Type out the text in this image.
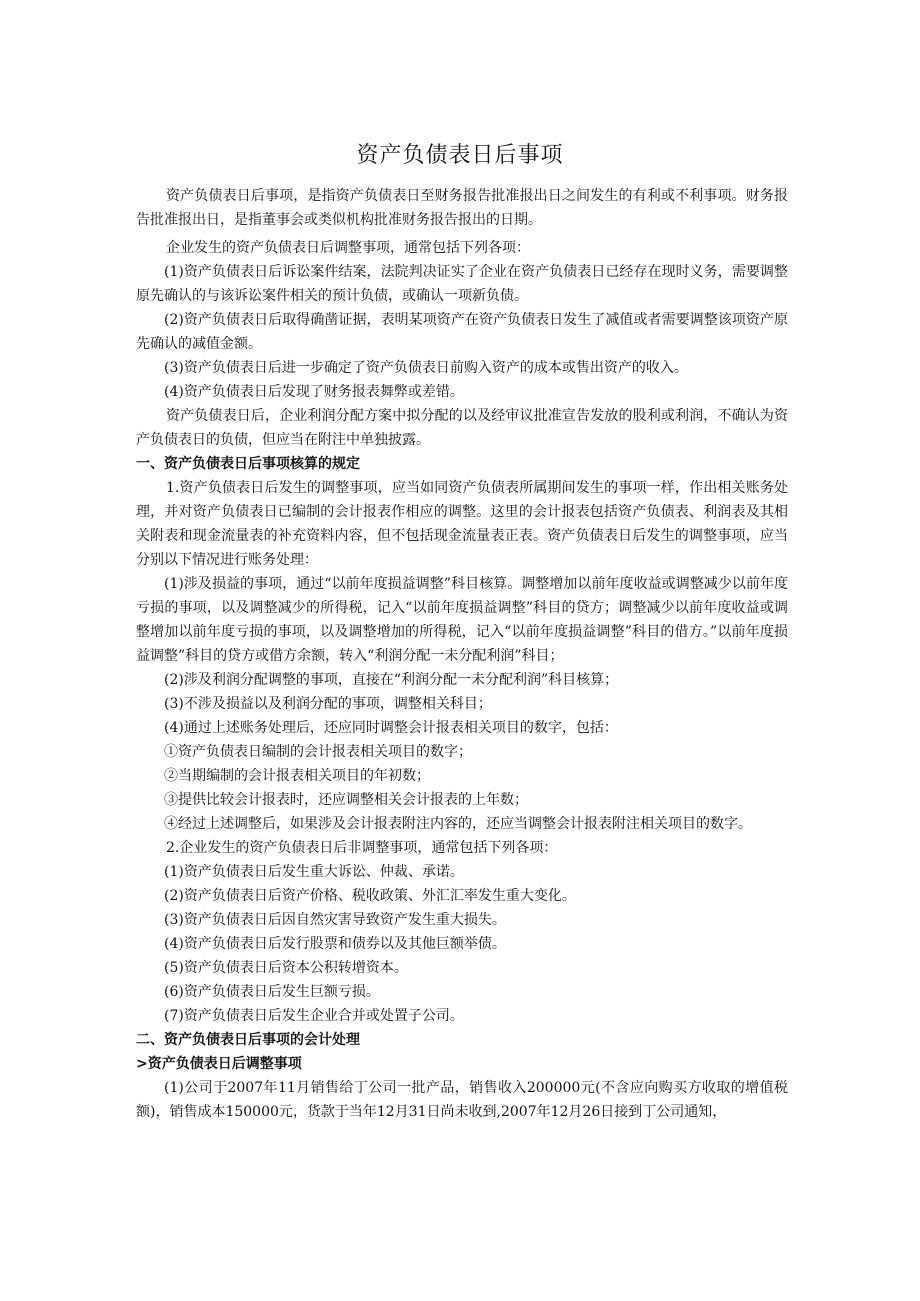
资产负债表日后事项

资产负债表日后事项，是指资产负债表日至财务报告批准报出日之间发生的有利或不利事项。财务报告批准报出日，是指董事会或类似机构批准财务报告报出的日期。

企业发生的资产负债表日后调整事项，通常包括下列各项：

(1)资产负债表日后诉讼案件结案，法院判决证实了企业在资产负债表日已经存在现时义务，需要调整原先确认的与该诉讼案件相关的预计负债，或确认一项新负债。

(2)资产负债表日后取得确凿证据，表明某项资产在资产负债表日发生了减值或者需要调整该项资产原先确认的减值金额。

(3)资产负债表日后进一步确定了资产负债表日前购入资产的成本或售出资产的收入。

(4)资产负债表日后发现了财务报表舞弊或差错。

资产负债表日后，企业利润分配方案中拟分配的以及经审议批准宣告发放的股利或利润，不确认为资产负债表日的负债，但应当在附注中单独披露。

一、资产负债表日后事项核算的规定

1.资产负债表日后发生的调整事项，应当如同资产负债表所属期间发生的事项一样，作出相关账务处理，并对资产负债表日已编制的会计报表作相应的调整。这里的会计报表包括资产负债表、利润表及其相关附表和现金流量表的补充资料内容，但不包括现金流量表正表。资产负债表日后发生的调整事项，应当分别以下情况进行账务处理：

(1)涉及损益的事项，通过“以前年度损益调整”科目核算。调整增加以前年度收益或调整减少以前年度亏损的事项，以及调整减少的所得税，记入“以前年度损益调整”科目的贷方；调整减少以前年度收益或调整增加以前年度亏损的事项，以及调整增加的所得税，记入“以前年度损益调整”科目的借方。”以前年度损益调整”科目的贷方或借方余额，转入“利润分配一未分配利润”科目；

(2)涉及利润分配调整的事项，直接在“利润分配一未分配利润”科目核算；

(3)不涉及损益以及利润分配的事项，调整相关科目；

(4)通过上述账务处理后，还应同时调整会计报表相关项目的数字，包括：

①资产负债表日编制的会计报表相关项目的数字；

②当期编制的会计报表相关项目的年初数；

③提供比较会计报表时，还应调整相关会计报表的上年数；

④经过上述调整后，如果涉及会计报表附注内容的，还应当调整会计报表附注相关项目的数字。

2.企业发生的资产负债表日后非调整事项，通常包括下列各项：

(1)资产负债表日后发生重大诉讼、仲裁、承诺。

(2)资产负债表日后资产价格、税收政策、外汇汇率发生重大变化。

(3)资产负债表日后因自然灾害导致资产发生重大损失。

(4)资产负债表日后发行股票和债券以及其他巨额举债。

(5)资产负债表日后资本公积转增资本。

(6)资产负债表日后发生巨额亏损。

(7)资产负债表日后发生企业合并或处置子公司。

二、资产负债表日后事项的会计处理

>资产负债表日后调整事项

(1)公司于2007年11月销售给丁公司一批产品，销售收入200000元(不含应向购买方收取的增值税额)，销售成本150000元，货款于当年12月31日尚未收到,2007年12月26日接到丁公司通知，
